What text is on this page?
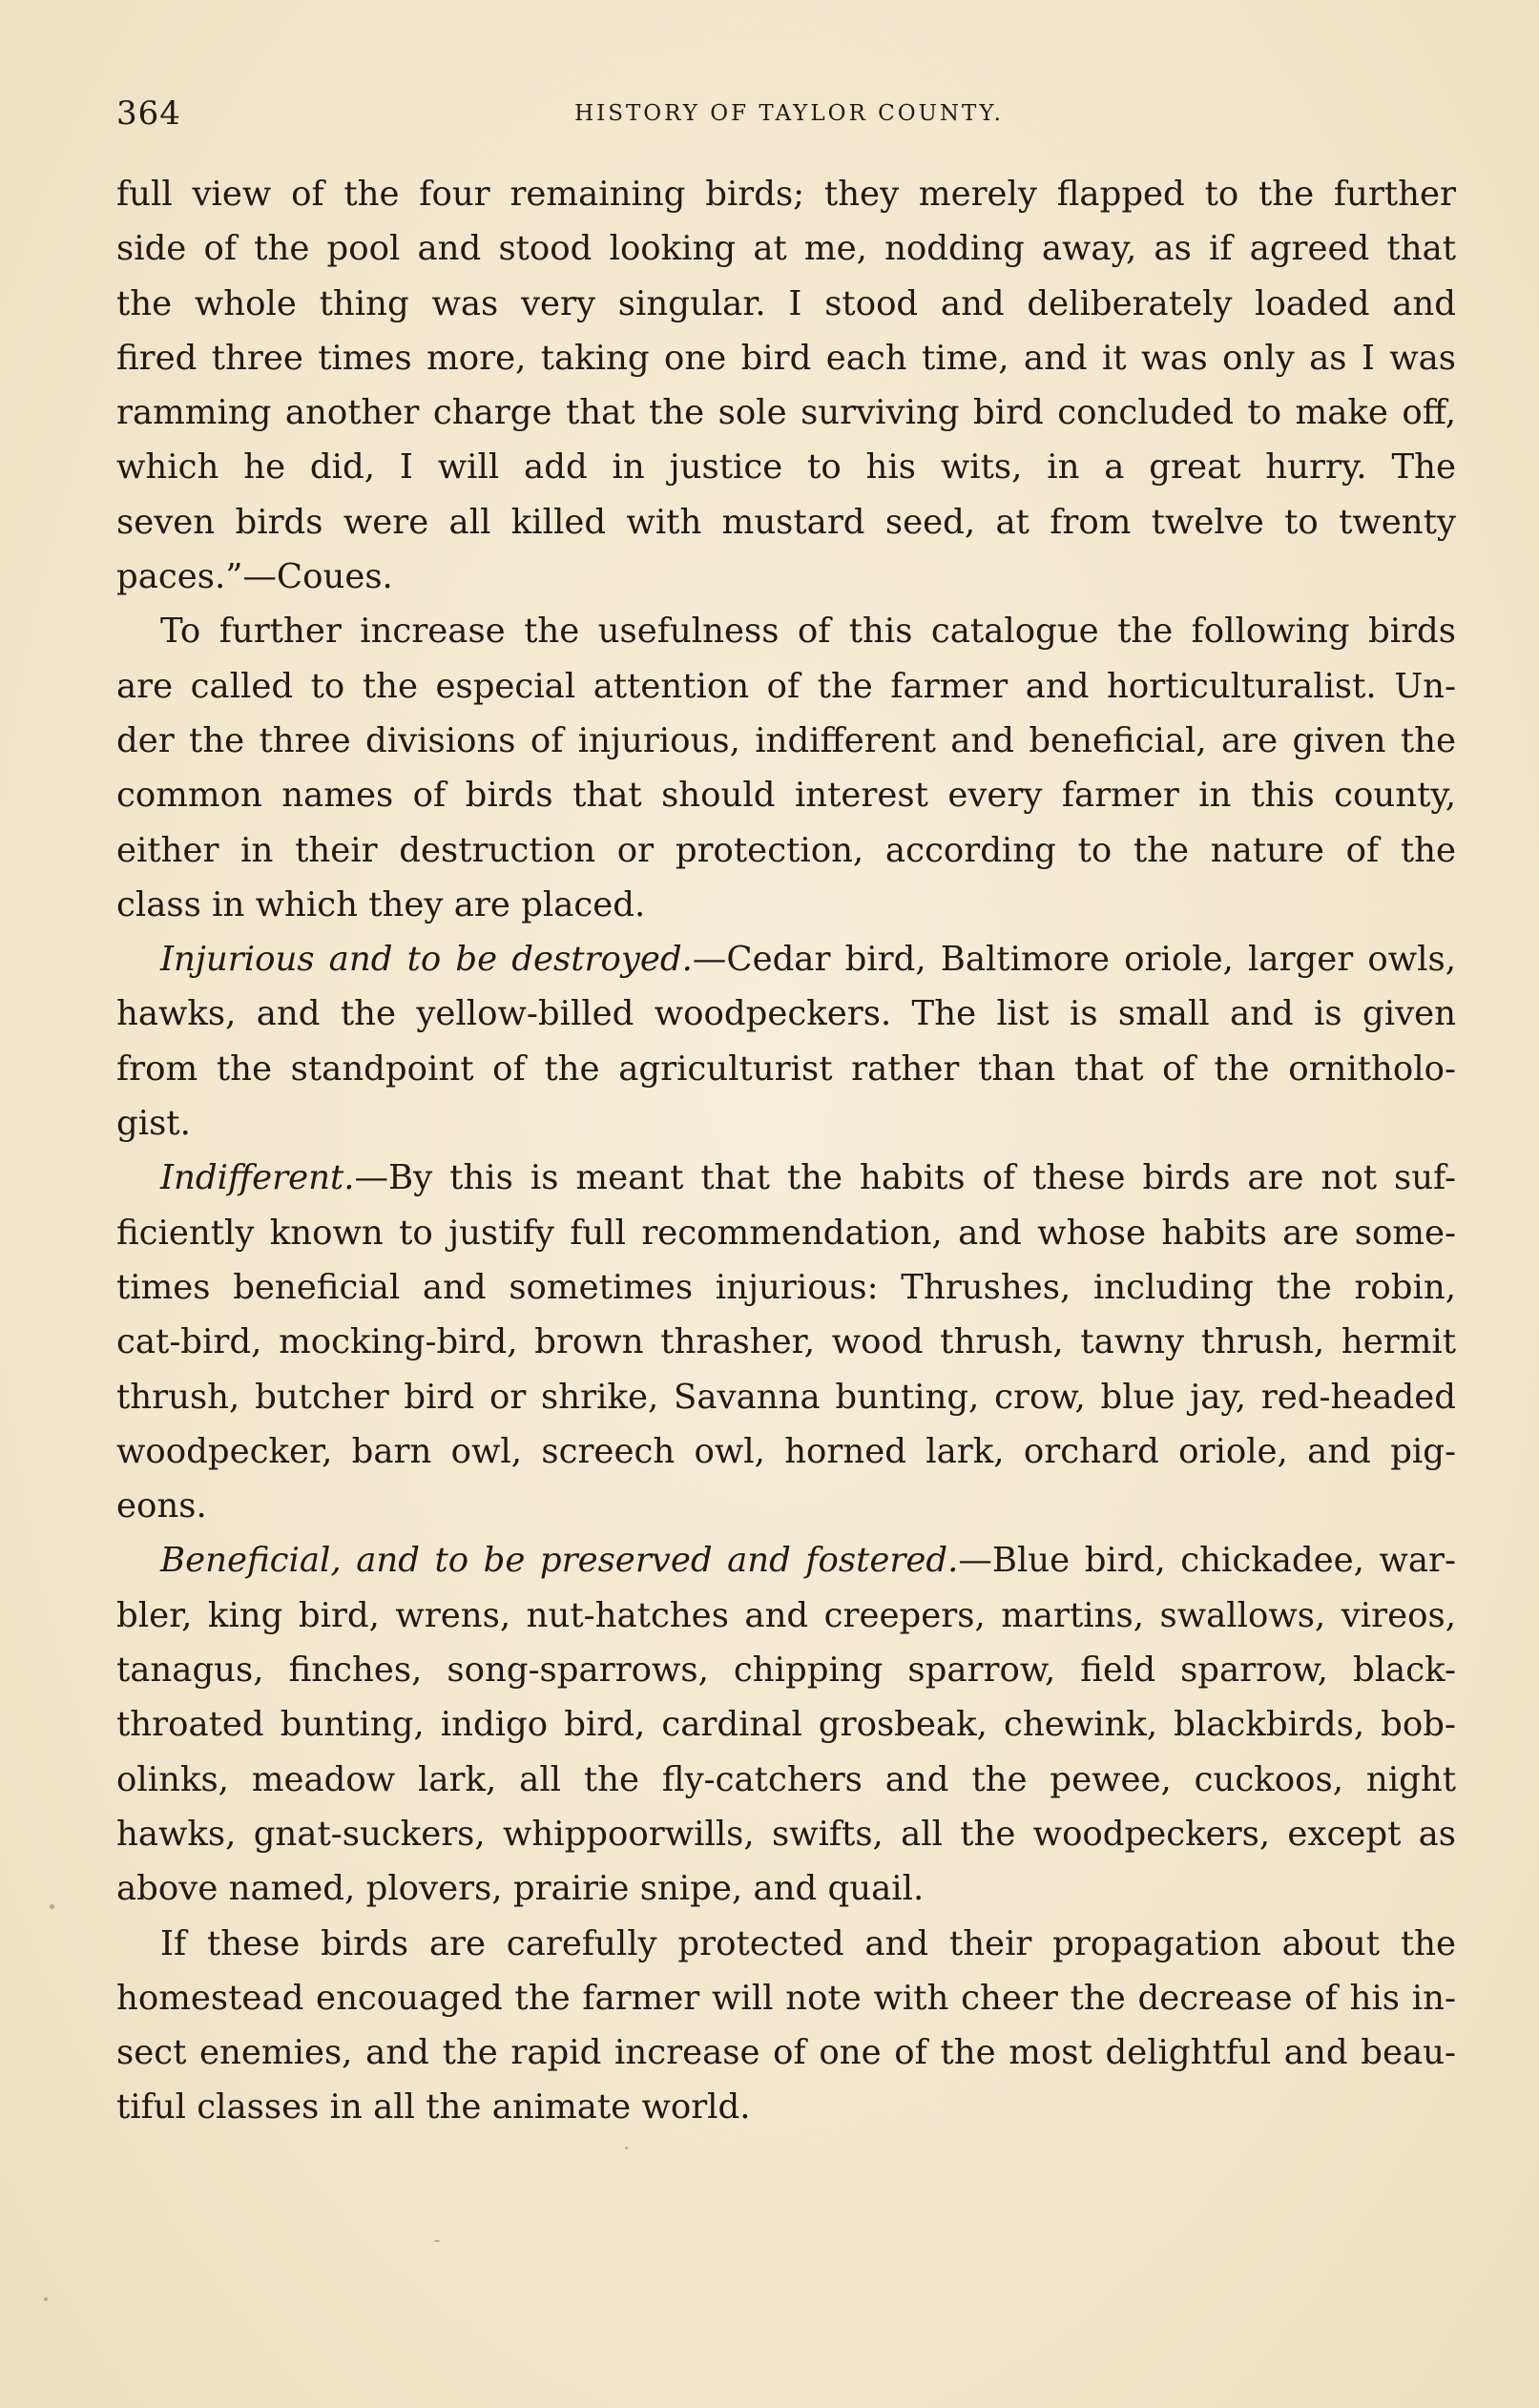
364	HISTORY OF TAYLOR COUNTY.
full view of the four remaining birds; they merely flapped to the further
side of the pool and stood looking at me, nodding away, as if agreed that
the whole thing was very singular. I stood and deliberately loaded and
fired three times more, taking one bird each time, and it was only as I was
ramming another charge that the sole surviving bird concluded to make off,
which he did, I will add in justice to his wits, in a great hurry. The
seven birds were all killed with mustard seed, at from twelve to twenty
paces.”—Coues.
To further increase the usefulness of this catalogue the following birds
are called to the especial attention of the farmer and horticulturalist. Un-
der the three divisions of injurious, indifferent and beneficial, are given the
common names of birds that should interest every farmer in this county,
either in their destruction or protection, according to the nature of the
class in which they are placed.
Injurious and to be destroyed.—Cedar bird, Baltimore oriole, larger owls,
hawks, and the yellow-billed woodpeckers. The list is small and is given
from the standpoint of the agriculturist rather than that of the ornitholo-
gist.
Indifferent.—By this is meant that the habits of these birds are not suf-
ficiently known to justify full recommendation, and whose habits are some-
times beneficial and sometimes injurious: Thrushes, including the robin,
cat-bird, mocking-bird, brown thrasher, wood thrush, tawny thrush, hermit
thrush, butcher bird or shrike, Savanna bunting, crow, blue jay, red-headed
woodpecker, barn owl, screech owl, horned lark, orchard oriole, and pig-
eons.
Beneficial, and to be preserved and fostered.—Blue bird, chickadee, war-
bler, king bird, wrens, nut-hatches and creepers, martins, swallows, vireos,
tanagus, finches, song-sparrows, chipping sparrow, field sparrow, black-
throated bunting, indigo bird, cardinal grosbeak, chewink, blackbirds, bob-
olinks, meadow lark, all the fly-catchers and the pewee, cuckoos, night
hawks, gnat-suckers, whippoorwills, swifts, all the woodpeckers, except as
above named, plovers, prairie snipe, and quail.
If these birds are carefully protected and their propagation about the
homestead encouaged the farmer will note with cheer the decrease of his in-
sect enemies, and the rapid increase of one of the most delightful and beau-
tiful classes in all the animate world.
